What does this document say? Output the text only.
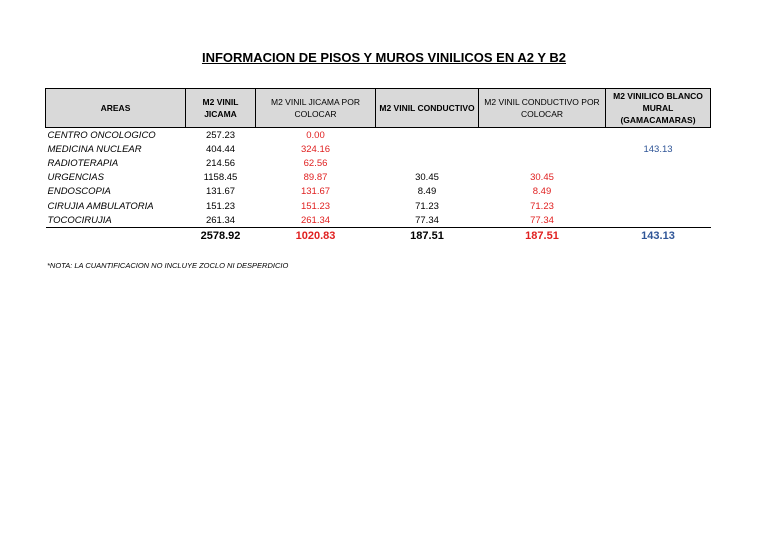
INFORMACION DE PISOS Y MUROS VINILICOS EN A2 Y B2
AREAS	M2 VINIL JICAMA	M2 VINIL JICAMA POR COLOCAR	M2 VINIL CONDUCTIVO	M2 VINIL CONDUCTIVO POR COLOCAR	M2 VINILICO BLANCO MURAL (GAMACAMARAS)
CENTRO ONCOLOGICO	257.23	0.00			
MEDICINA NUCLEAR	404.44	324.16			143.13
RADIOTERAPIA	214.56	62.56			
URGENCIAS	1158.45	89.87	30.45	30.45	
ENDOSCOPIA	131.67	131.67	8.49	8.49	
CIRUJIA AMBULATORIA	151.23	151.23	71.23	71.23	
TOCOCIRUJIA	261.34	261.34	77.34	77.34	
	2578.92	1020.83	187.51	187.51	143.13
*NOTA: LA CUANTIFICACION NO INCLUYE ZOCLO NI DESPERDICIO
